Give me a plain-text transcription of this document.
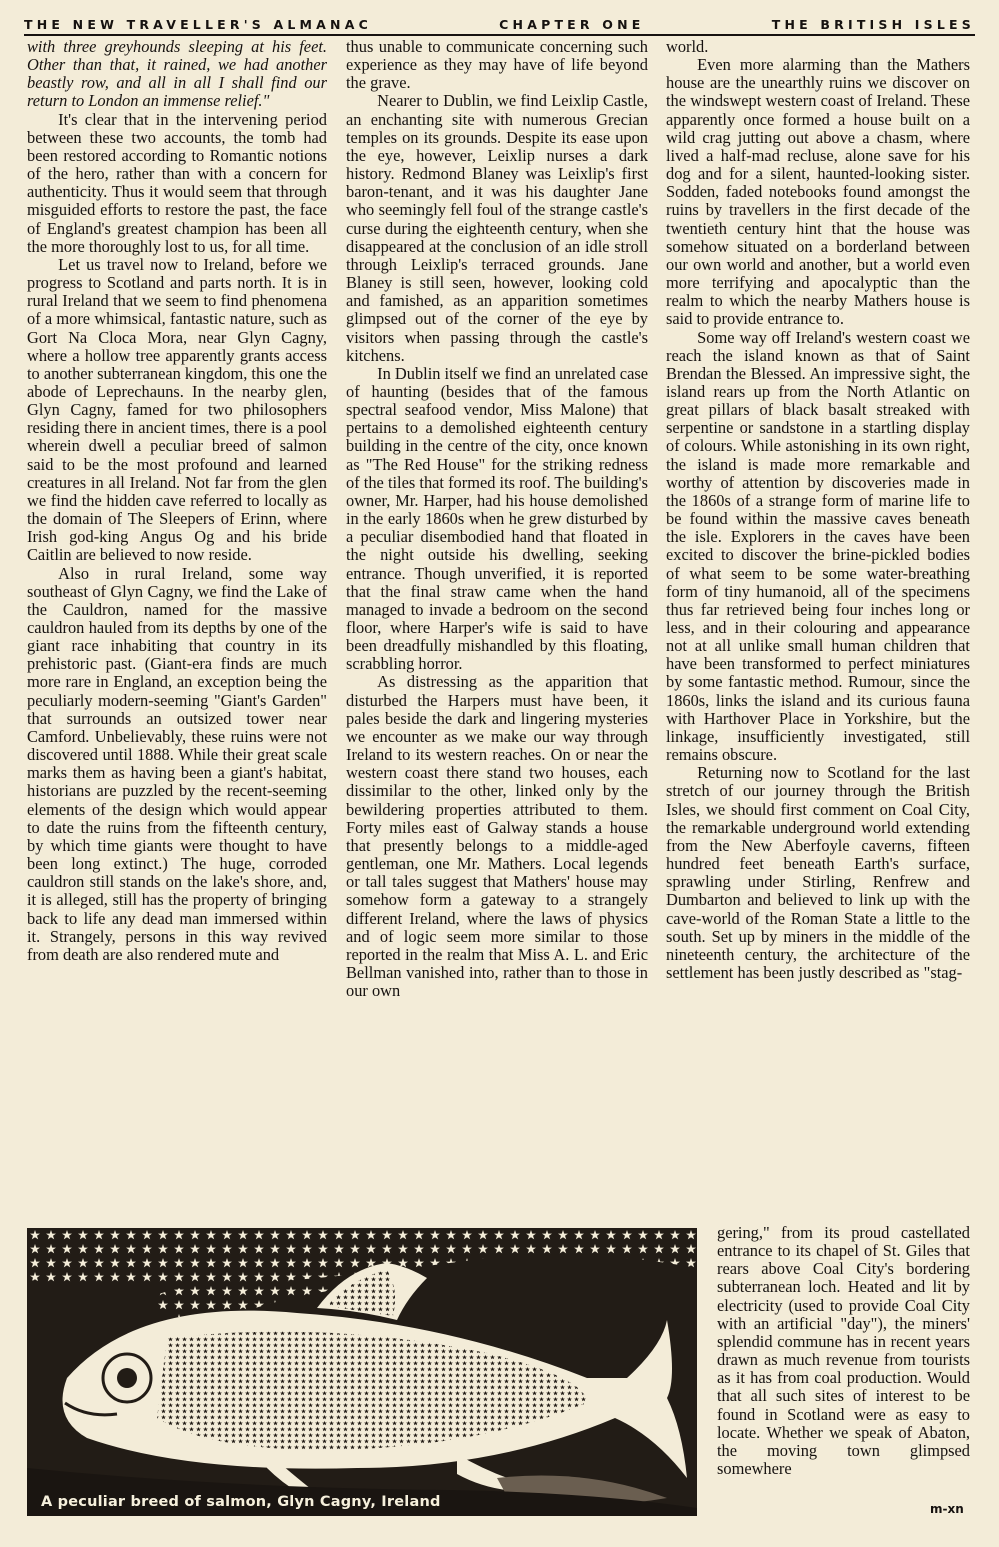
THE NEW TRAVELLER'S ALMANAC	CHAPTER ONE	THE BRITISH ISLES

with three greyhounds sleeping at his feet. Other than that, it rained, we had another beastly row, and all in all I shall find our return to London an immense relief."

It's clear that in the intervening period between these two accounts, the tomb had been restored according to Romantic notions of the hero, rather than with a concern for authenticity. Thus it would seem that through misguided efforts to restore the past, the face of England's greatest champion has been all the more thoroughly lost to us, for all time.

Let us travel now to Ireland, before we progress to Scotland and parts north. It is in rural Ireland that we seem to find phenomena of a more whimsical, fantastic nature, such as Gort Na Cloca Mora, near Glyn Cagny, where a hollow tree apparently grants access to another subterranean kingdom, this one the abode of Leprechauns. In the nearby glen, Glyn Cagny, famed for two philosophers residing there in ancient times, there is a pool wherein dwell a peculiar breed of salmon said to be the most profound and learned creatures in all Ireland. Not far from the glen we find the hidden cave referred to locally as the domain of The Sleepers of Erinn, where Irish god-king Angus Og and his bride Caitlin are believed to now reside.

Also in rural Ireland, some way southeast of Glyn Cagny, we find the Lake of the Cauldron, named for the massive cauldron hauled from its depths by one of the giant race inhabiting that country in its prehistoric past. (Giant-era finds are much more rare in England, an exception being the peculiarly modern-seeming "Giant's Garden" that surrounds an outsized tower near Camford. Unbelievably, these ruins were not discovered until 1888. While their great scale marks them as having been a giant's habitat, historians are puzzled by the recent-seeming elements of the design which would appear to date the ruins from the fifteenth century, by which time giants were thought to have been long extinct.) The huge, corroded cauldron still stands on the lake's shore, and, it is alleged, still has the property of bringing back to life any dead man immersed within it. Strangely, persons in this way revived from death are also rendered mute and

thus unable to communicate concerning such experience as they may have of life beyond the grave.

Nearer to Dublin, we find Leixlip Castle, an enchanting site with numerous Grecian temples on its grounds. Despite its ease upon the eye, however, Leixlip nurses a dark history. Redmond Blaney was Leixlip's first baron-tenant, and it was his daughter Jane who seemingly fell foul of the strange castle's curse during the eighteenth century, when she disappeared at the conclusion of an idle stroll through Leixlip's terraced grounds. Jane Blaney is still seen, however, looking cold and famished, as an apparition sometimes glimpsed out of the corner of the eye by visitors when passing through the castle's kitchens.

In Dublin itself we find an unrelated case of haunting (besides that of the famous spectral seafood vendor, Miss Malone) that pertains to a demolished eighteenth century building in the centre of the city, once known as "The Red House" for the striking redness of the tiles that formed its roof. The building's owner, Mr. Harper, had his house demolished in the early 1860s when he grew disturbed by a peculiar disembodied hand that floated in the night outside his dwelling, seeking entrance. Though unverified, it is reported that the final straw came when the hand managed to invade a bedroom on the second floor, where Harper's wife is said to have been dreadfully mishandled by this floating, scrabbling horror.

As distressing as the apparition that disturbed the Harpers must have been, it pales beside the dark and lingering mysteries we encounter as we make our way through Ireland to its western reaches. On or near the western coast there stand two houses, each dissimilar to the other, linked only by the bewildering properties attributed to them. Forty miles east of Galway stands a house that presently belongs to a middle-aged gentleman, one Mr. Mathers. Local legends or tall tales suggest that Mathers' house may somehow form a gateway to a strangely different Ireland, where the laws of physics and of logic seem more similar to those reported in the realm that Miss A. L. and Eric Bellman vanished into, rather than to those in our own

world.

Even more alarming than the Mathers house are the unearthly ruins we discover on the windswept western coast of Ireland. These apparently once formed a house built on a wild crag jutting out above a chasm, where lived a half-mad recluse, alone save for his dog and for a silent, haunted-looking sister. Sodden, faded notebooks found amongst the ruins by travellers in the first decade of the twentieth century hint that the house was somehow situated on a borderland between our own world and another, but a world even more terrifying and apocalyptic than the realm to which the nearby Mathers house is said to provide entrance to.

Some way off Ireland's western coast we reach the island known as that of Saint Brendan the Blessed. An impressive sight, the island rears up from the North Atlantic on great pillars of black basalt streaked with serpentine or sandstone in a startling display of colours. While astonishing in its own right, the island is made more remarkable and worthy of attention by discoveries made in the 1860s of a strange form of marine life to be found within the massive caves beneath the isle. Explorers in the caves have been excited to discover the brine-pickled bodies of what seem to be some water-breathing form of tiny humanoid, all of the specimens thus far retrieved being four inches long or less, and in their colouring and appearance not at all unlike small human children that have been transformed to perfect miniatures by some fantastic method. Rumour, since the 1860s, links the island and its curious fauna with Harthover Place in Yorkshire, but the linkage, insufficiently investigated, still remains obscure.

Returning now to Scotland for the last stretch of our journey through the British Isles, we should first comment on Coal City, the remarkable underground world extending from the New Aberfoyle caverns, fifteen hundred feet beneath Earth's surface, sprawling under Stirling, Renfrew and Dumbarton and believed to link up with the cave-world of the Roman State a little to the south. Set up by miners in the middle of the nineteenth century, the architecture of the settlement has been justly described as "stag-

gering," from its proud castellated entrance to its chapel of St. Giles that rears above Coal City's bordering subterranean loch. Heated and lit by electricity (used to provide Coal City with an artificial "day"), the miners' splendid commune has in recent years drawn as much revenue from tourists as it has from coal production. Would that all such sites of interest to be found in Scotland were as easy to locate. Whether we speak of Abaton, the moving town glimpsed somewhere

A peculiar breed of salmon, Glyn Cagny, Ireland	m-xn
